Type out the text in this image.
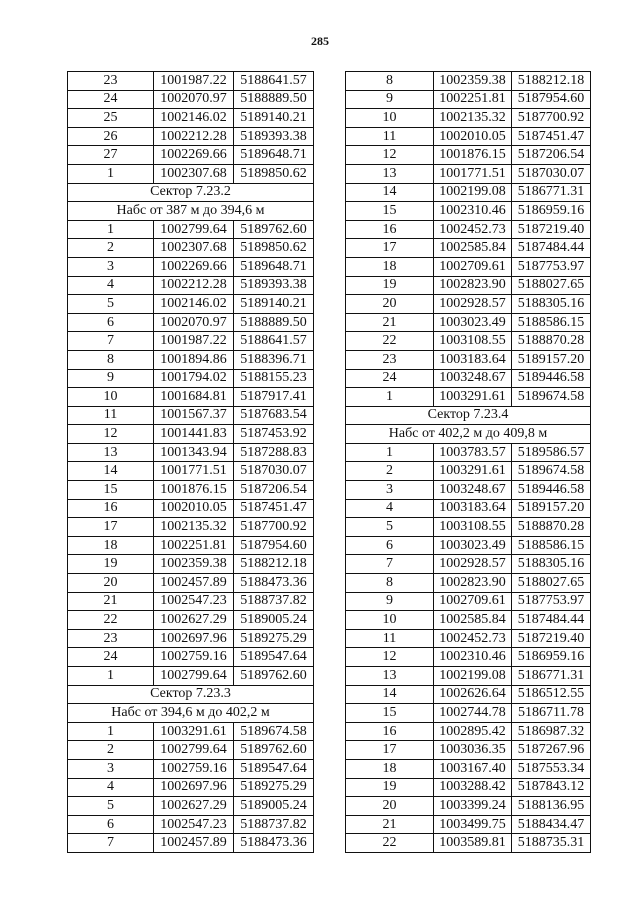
285
23	1001987.22	5188641.57
24	1002070.97	5188889.50
25	1002146.02	5189140.21
26	1002212.28	5189393.38
27	1002269.66	5189648.71
1	1002307.68	5189850.62
Сектор 7.23.2		
Набс от 387 м до 394,6 м		
1	1002799.64	5189762.60
2	1002307.68	5189850.62
3	1002269.66	5189648.71
4	1002212.28	5189393.38
5	1002146.02	5189140.21
6	1002070.97	5188889.50
7	1001987.22	5188641.57
8	1001894.86	5188396.71
9	1001794.02	5188155.23
10	1001684.81	5187917.41
11	1001567.37	5187683.54
12	1001441.83	5187453.92
13	1001343.94	5187288.83
14	1001771.51	5187030.07
15	1001876.15	5187206.54
16	1002010.05	5187451.47
17	1002135.32	5187700.92
18	1002251.81	5187954.60
19	1002359.38	5188212.18
20	1002457.89	5188473.36
21	1002547.23	5188737.82
22	1002627.29	5189005.24
23	1002697.96	5189275.29
24	1002759.16	5189547.64
1	1002799.64	5189762.60
Сектор 7.23.3		
Набс от 394,6 м до 402,2 м		
1	1003291.61	5189674.58
2	1002799.64	5189762.60
3	1002759.16	5189547.64
4	1002697.96	5189275.29
5	1002627.29	5189005.24
6	1002547.23	5188737.82
7	1002457.89	5188473.36
8	1002359.38	5188212.18
9	1002251.81	5187954.60
10	1002135.32	5187700.92
11	1002010.05	5187451.47
12	1001876.15	5187206.54
13	1001771.51	5187030.07
14	1002199.08	5186771.31
15	1002310.46	5186959.16
16	1002452.73	5187219.40
17	1002585.84	5187484.44
18	1002709.61	5187753.97
19	1002823.90	5188027.65
20	1002928.57	5188305.16
21	1003023.49	5188586.15
22	1003108.55	5188870.28
23	1003183.64	5189157.20
24	1003248.67	5189446.58
1	1003291.61	5189674.58
Сектор 7.23.4		
Набс от 402,2 м до 409,8 м		
1	1003783.57	5189586.57
2	1003291.61	5189674.58
3	1003248.67	5189446.58
4	1003183.64	5189157.20
5	1003108.55	5188870.28
6	1003023.49	5188586.15
7	1002928.57	5188305.16
8	1002823.90	5188027.65
9	1002709.61	5187753.97
10	1002585.84	5187484.44
11	1002452.73	5187219.40
12	1002310.46	5186959.16
13	1002199.08	5186771.31
14	1002626.64	5186512.55
15	1002744.78	5186711.78
16	1002895.42	5186987.32
17	1003036.35	5187267.96
18	1003167.40	5187553.34
19	1003288.42	5187843.12
20	1003399.24	5188136.95
21	1003499.75	5188434.47
22	1003589.81	5188735.31
